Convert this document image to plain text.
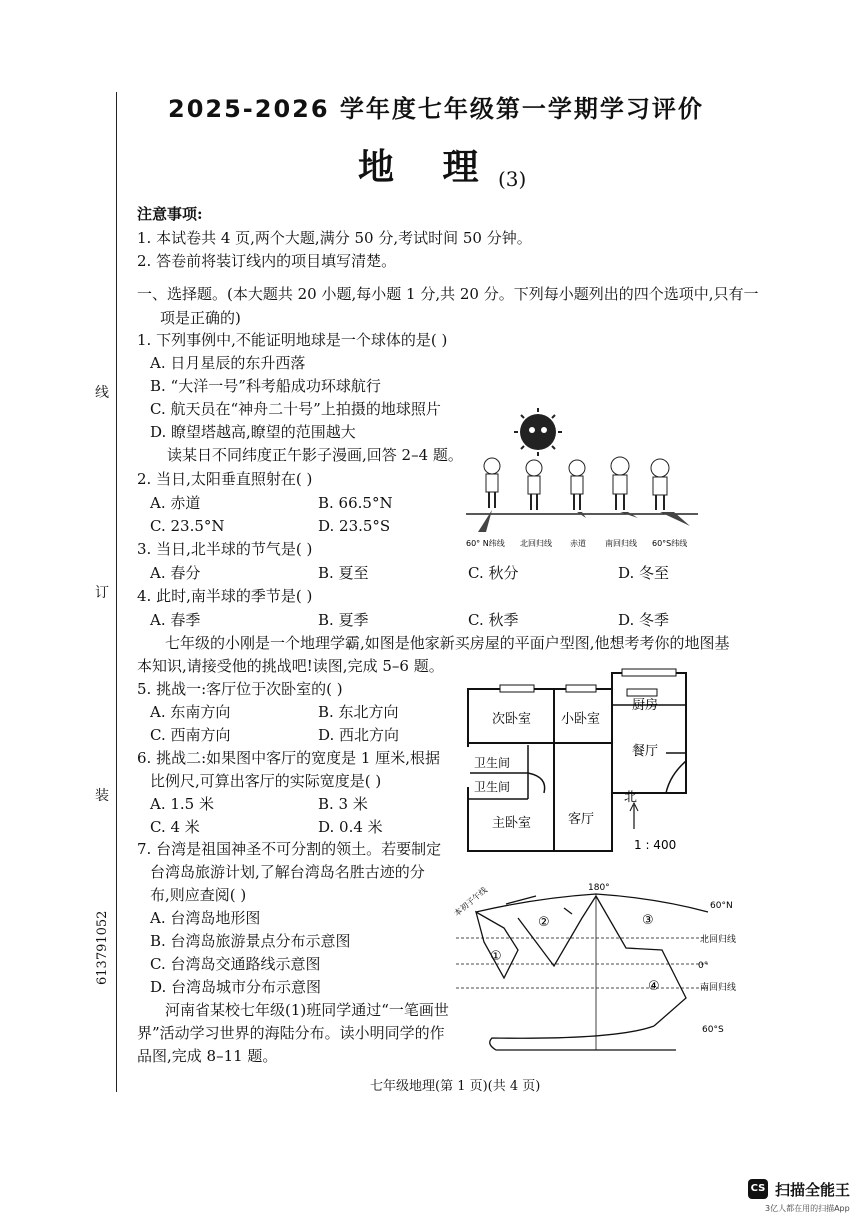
线
订
装
613791052
2025-2026 学年度七年级第一学期学习评价
地 理 (3)
注意事项:
1. 本试卷共 4 页,两个大题,满分 50 分,考试时间 50 分钟。
2. 答卷前将装订线内的项目填写清楚。
一、选择题。(本大题共 20 小题,每小题 1 分,共 20 分。下列每小题列出的四个选项中,只有一
项是正确的)
1. 下列事例中,不能证明地球是一个球体的是( )
A. 日月星辰的东升西落
B. “大洋一号”科考船成功环球航行
C. 航天员在“神舟二十号”上拍摄的地球照片
D. 瞭望塔越高,瞭望的范围越大
读某日不同纬度正午影子漫画,回答 2–4 题。
2. 当日,太阳垂直照射在( )
A. 赤道	B. 66.5°N
C. 23.5°N	D. 23.5°S
3. 当日,北半球的节气是( )
A. 春分	B. 夏至	C. 秋分	D. 冬至
4. 此时,南半球的季节是( )
A. 春季	B. 夏季	C. 秋季	D. 冬季
60° N纬线 北回归线 赤道 南回归线 60°S纬线
七年级的小刚是一个地理学霸,如图是他家新买房屋的平面户型图,他想考考你的地图基
本知识,请接受他的挑战吧!读图,完成 5–6 题。
5. 挑战一:客厅位于次卧室的( )
A. 东南方向	B. 东北方向
C. 西南方向	D. 西北方向
6. 挑战二:如果图中客厅的宽度是 1 厘米,根据
比例尺,可算出客厅的实际宽度是( )
A. 1.5 米	B. 3 米
C. 4 米	D. 0.4 米
次卧室 小卧室
厨房
餐厅
卫生间
卫生间
主卧室	客厅
北
1 : 400
7. 台湾是祖国神圣不可分割的领土。若要制定
台湾岛旅游计划,了解台湾岛名胜古迹的分
布,则应查阅( )
A. 台湾岛地形图
B. 台湾岛旅游景点分布示意图
C. 台湾岛交通路线示意图
D. 台湾岛城市分布示意图
河南省某校七年级(1)班同学通过“一笔画世
界”活动学习世界的海陆分布。读小明同学的作
品图,完成 8–11 题。
180°
本初子午线	60°N
北回归线
0°
南回归线
60°S
①
②	③
④
七年级地理(第 1 页)(共 4 页)
CS 扫描全能王
3亿人都在用的扫描App
